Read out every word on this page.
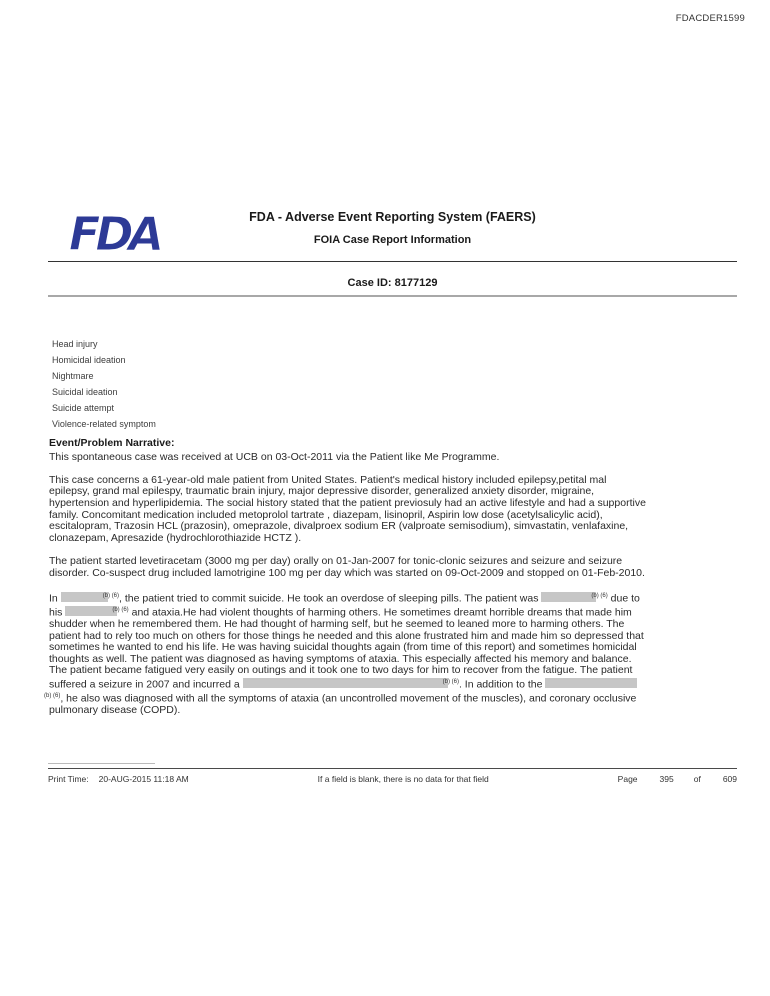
FDACDER1599
FDA	FDA - Adverse Event Reporting System (FAERS)
FOIA Case Report Information
Case ID: 8177129
Head injury
Homicidal ideation
Nightmare
Suicidal ideation
Suicide attempt
Violence-related symptom
Event/Problem Narrative:

This spontaneous case was received at UCB on 03-Oct-2011 via the Patient like Me Programme.

This case concerns a 61-year-old male patient from United States. Patient's medical history included epilepsy,petital mal epilepsy, grand mal epilespy, traumatic brain injury, major depressive disorder, generalized anxiety disorder, migraine, hypertension and hyperlipidemia. The social history stated that the patient previosuly had an active lifestyle and had a supportive family. Concomitant medication included metoprolol tartrate , diazepam, lisinopril, Aspirin low dose (acetylsalicylic acid), escitalopram, Trazosin HCL (prazosin), omeprazole, divalproex sodium ER (valproate semisodium), simvastatin, venlafaxine, clonazepam, Apresazide (hydrochlorothiazide HCTZ ).

The patient started levetiracetam (3000 mg per day) orally on 01-Jan-2007 for tonic-clonic seizures and seizure and seizure disorder. Co-suspect drug included lamotrigine 100 mg per day which was started on 09-Oct-2009 and stopped on 01-Feb-2010.

In	$^{(b) (6)}$, the patient tried to commit suicide. He took an overdose of sleeping pills. The patient was	$^{(b) (6)}$ due to his	$^{(b) (6)}$ and ataxia.He had violent thoughts of harming others. He sometimes dreamt horrible dreams that made him shudder when he remembered them. He had thought of harming self, but he seemed to leaned more to harming others. The patient had to rely too much on others for those things he needed and this alone frustrated him and made him so depressed that sometimes he wanted to end his life. He was having suicidal thoughts again (from time of this report) and sometimes homicidal thoughts as well. The patient was diagnosed as having symptoms of ataxia. This especially affected his memory and balance. The patient became fatigued very easily on outings and it took one to two days for him to recover from the fatigue. The patient suffered a seizure in 2007 and incurred a	$^{(b) (6)}$. In addition to the $^{(b) (6)}$, he also was diagnosed with all the symptoms of ataxia (an uncontrolled movement of the muscles), and coronary occlusive pulmonary disease (COPD).

Print Time: 20-AUG-2015 11:18 AM	If a field is blank, there is no data for that field	Page	395 of	609
